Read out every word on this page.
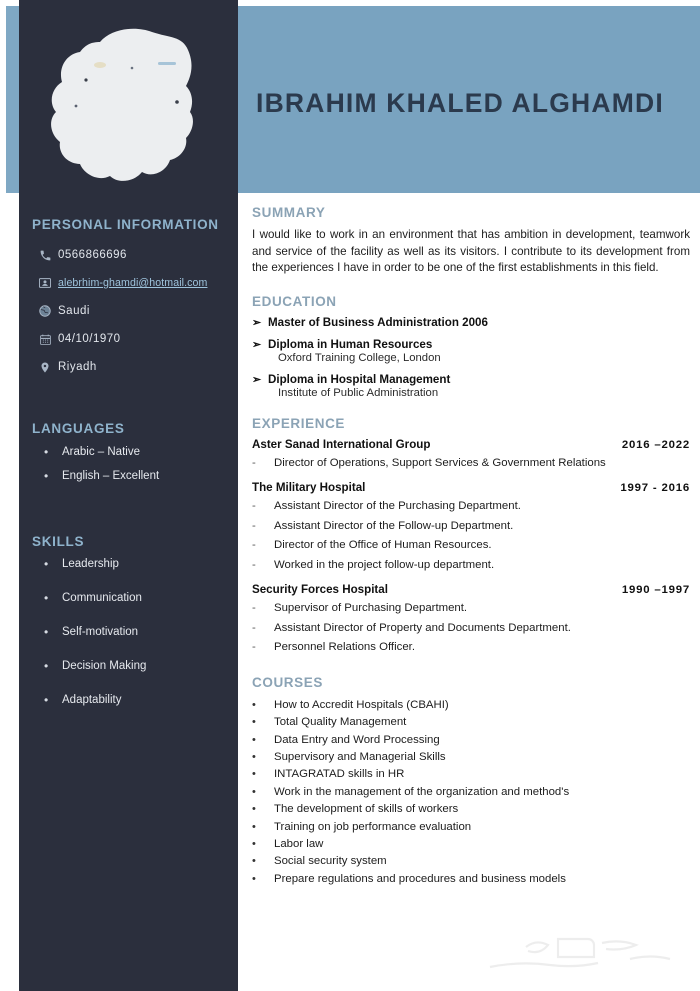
IBRAHIM KHALED ALGHAMDI
PERSONAL INFORMATION
0566866696
alebrhim-ghamdi@hotmail.com
Saudi
04/10/1970
Riyadh
LANGUAGES
•	Arabic – Native
•	English – Excellent
SKILLS
•	Leadership
•	Communication
•	Self-motivation
•	Decision Making
•	Adaptability
SUMMARY

I would like to work in an environment that has ambition in development, teamwork and service of the facility as well as its visitors. I contribute to its development from the experiences I have in order to be one of the first establishments in this field.

EDUCATION
➢ Master of Business Administration 2006
➢ Diploma in Human Resources
Oxford Training College, London
➢ Diploma in Hospital Management
Institute of Public Administration
EXPERIENCE
Aster Sanad International Group	2016 –2022
-	Director of Operations, Support Services & Government Relations
The Military Hospital	1997 - 2016
-	Assistant Director of the Purchasing Department.
-	Assistant Director of the Follow-up Department.
-	Director of the Office of Human Resources.
-	Worked in the project follow-up department.
Security Forces Hospital	1990 –1997
-	Supervisor of Purchasing Department.
-	Assistant Director of Property and Documents Department.
-	Personnel Relations Officer.
COURSES
•	How to Accredit Hospitals (CBAHI)
•	Total Quality Management
•	Data Entry and Word Processing
•	Supervisory and Managerial Skills
•	INTAGRATAD skills in HR
•	Work in the management of the organization and method's
•	The development of skills of workers
•	Training on job performance evaluation
•	Labor law
•	Social security system
•	Prepare regulations and procedures and business models
